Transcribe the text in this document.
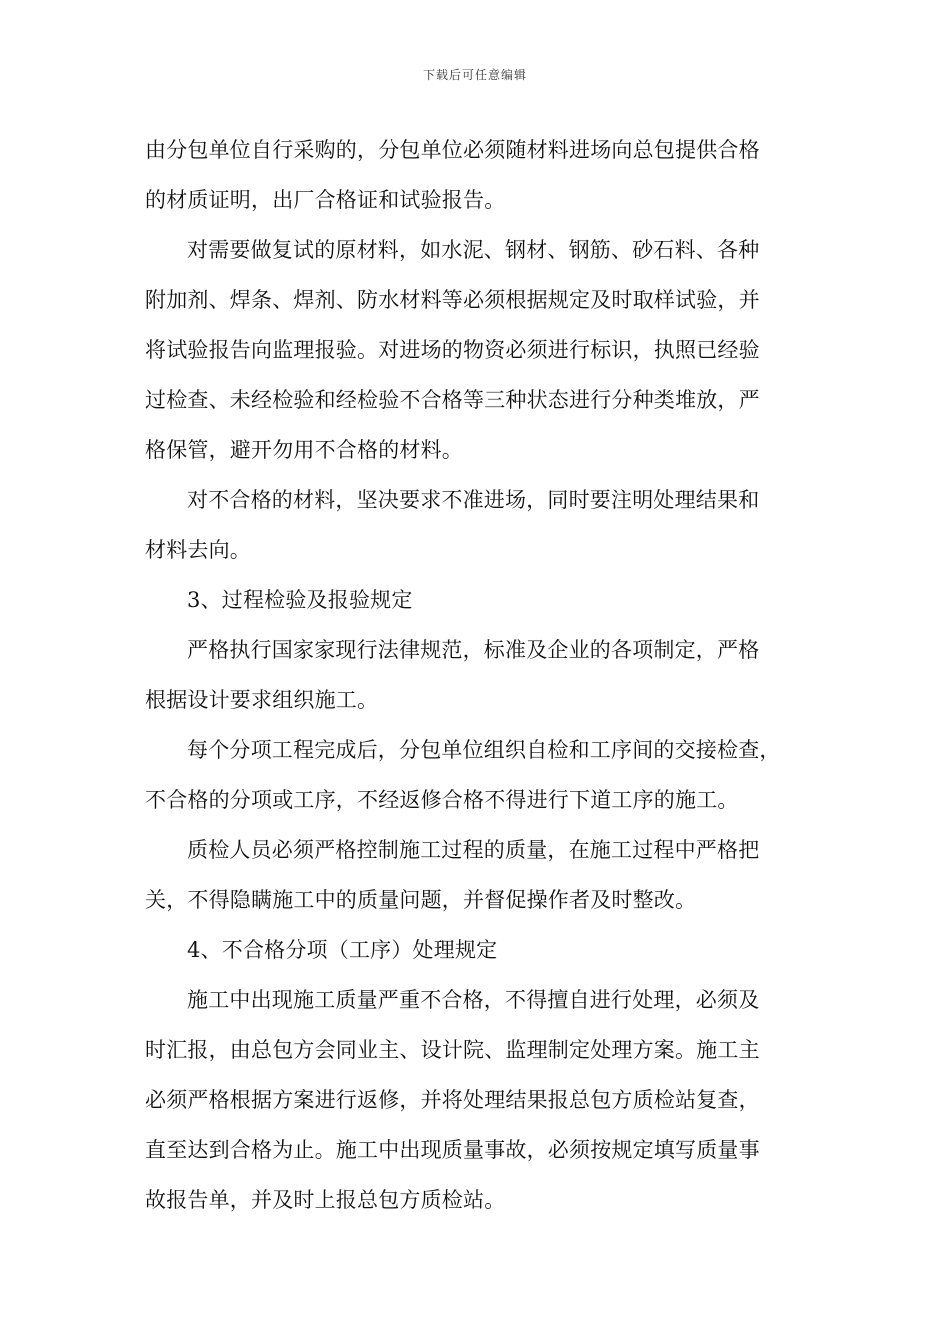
下载后可任意编辑
由分包单位自行采购的，分包单位必须随材料进场向总包提供合格
的材质证明，出厂合格证和试验报告。
对需要做复试的原材料，如水泥、钢材、钢筋、砂石料、各种
附加剂、焊条、焊剂、防水材料等必须根据规定及时取样试验，并
将试验报告向监理报验。对进场的物资必须进行标识，执照已经验
过检查、未经检验和经检验不合格等三种状态进行分种类堆放，严
格保管，避开勿用不合格的材料。
对不合格的材料，坚决要求不准进场，同时要注明处理结果和
材料去向。
3、过程检验及报验规定
严格执行国家家现行法律规范，标准及企业的各项制定，严格
根据设计要求组织施工。
每个分项工程完成后，分包单位组织自检和工序间的交接检查，
不合格的分项或工序，不经返修合格不得进行下道工序的施工。
质检人员必须严格控制施工过程的质量，在施工过程中严格把
关，不得隐瞒施工中的质量问题，并督促操作者及时整改。
4、不合格分项（工序）处理规定
施工中出现施工质量严重不合格，不得擅自进行处理，必须及
时汇报，由总包方会同业主、设计院、监理制定处理方案。施工主
必须严格根据方案进行返修，并将处理结果报总包方质检站复查，
直至达到合格为止。施工中出现质量事故，必须按规定填写质量事
故报告单，并及时上报总包方质检站。
